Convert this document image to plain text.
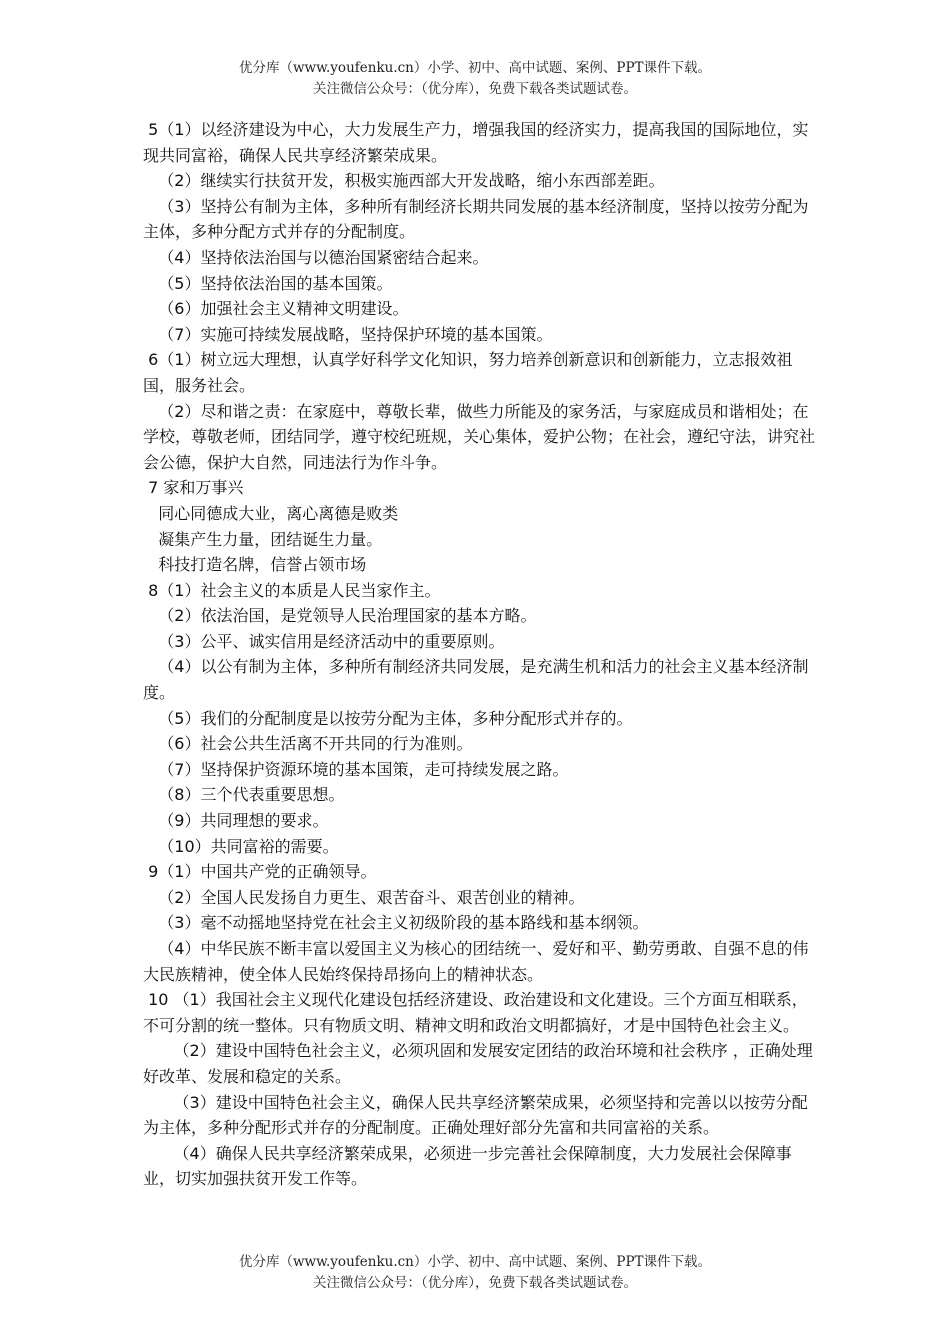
优分库（www.youfenku.cn）小学、初中、高中试题、案例、PPT课件下载。
关注微信公众号：（优分库），免费下载各类试题试卷。

5（1）以经济建设为中心，大力发展生产力，增强我国的经济实力，提高我国的国际地位，实现共同富裕，确保人民共享经济繁荣成果。

（2）继续实行扶贫开发，积极实施西部大开发战略，缩小东西部差距。

（3）坚持公有制为主体，多种所有制经济长期共同发展的基本经济制度，坚持以按劳分配为主体，多种分配方式并存的分配制度。

（4）坚持依法治国与以德治国紧密结合起来。

（5）坚持依法治国的基本国策。

（6）加强社会主义精神文明建设。

（7）实施可持续发展战略，坚持保护环境的基本国策。

6（1）树立远大理想，认真学好科学文化知识，努力培养创新意识和创新能力，立志报效祖国，服务社会。

（2）尽和谐之责：在家庭中，尊敬长辈，做些力所能及的家务活，与家庭成员和谐相处；在学校，尊敬老师，团结同学，遵守校纪班规，关心集体，爱护公物；在社会，遵纪守法，讲究社会公德，保护大自然，同违法行为作斗争。

7 家和万事兴

同心同德成大业，离心离德是败类

凝集产生力量，团结诞生力量。

科技打造名牌，信誉占领市场

8（1）社会主义的本质是人民当家作主。

（2）依法治国，是党领导人民治理国家的基本方略。

（3）公平、诚实信用是经济活动中的重要原则。

（4）以公有制为主体，多种所有制经济共同发展，是充满生机和活力的社会主义基本经济制度。

（5）我们的分配制度是以按劳分配为主体，多种分配形式并存的。

（6）社会公共生活离不开共同的行为准则。

（7）坚持保护资源环境的基本国策，走可持续发展之路。

（8）三个代表重要思想。

（9）共同理想的要求。

（10）共同富裕的需要。

9（1）中国共产党的正确领导。

（2）全国人民发扬自力更生、艰苦奋斗、艰苦创业的精神。

（3）毫不动摇地坚持党在社会主义初级阶段的基本路线和基本纲领。

（4）中华民族不断丰富以爱国主义为核心的团结统一、爱好和平、勤劳勇敢、自强不息的伟大民族精神，使全体人民始终保持昂扬向上的精神状态。

10 （1）我国社会主义现代化建设包括经济建设、政治建设和文化建设。三个方面互相联系，不可分割的统一整体。只有物质文明、精神文明和政治文明都搞好，才是中国特色社会主义。

（2）建设中国特色社会主义，必须巩固和发展安定团结的政治环境和社会秩序 ，正确处理好改革、发展和稳定的关系。

（3）建设中国特色社会主义，确保人民共享经济繁荣成果，必须坚持和完善以以按劳分配为主体，多种分配形式并存的分配制度。正确处理好部分先富和共同富裕的关系。

（4）确保人民共享经济繁荣成果，必须进一步完善社会保障制度，大力发展社会保障事业，切实加强扶贫开发工作等。

优分库（www.youfenku.cn）小学、初中、高中试题、案例、PPT课件下载。
关注微信公众号：（优分库），免费下载各类试题试卷。
